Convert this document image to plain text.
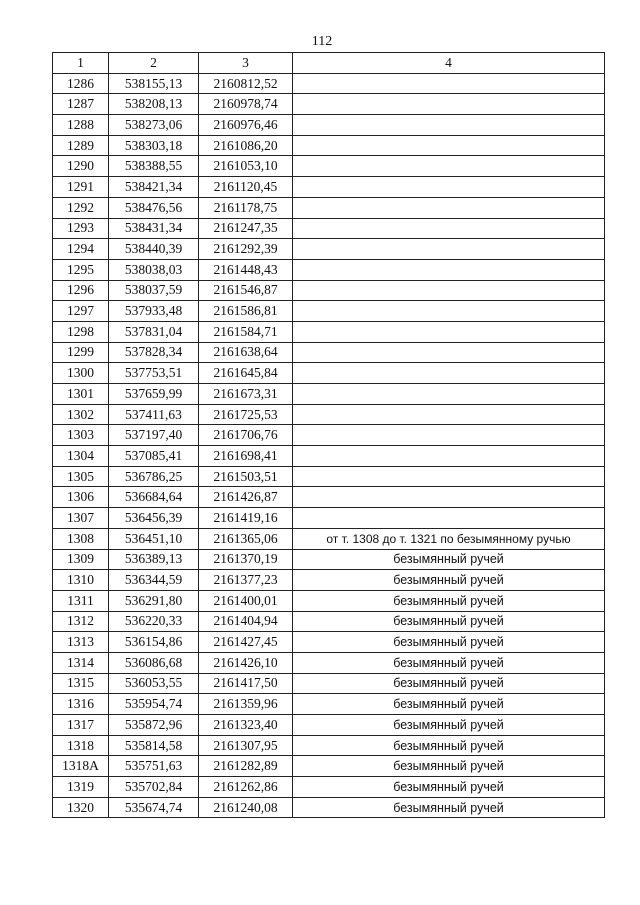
112
1	2	3	4
1286	538155,13	2160812,52	
1287	538208,13	2160978,74	
1288	538273,06	2160976,46	
1289	538303,18	2161086,20	
1290	538388,55	2161053,10	
1291	538421,34	2161120,45	
1292	538476,56	2161178,75	
1293	538431,34	2161247,35	
1294	538440,39	2161292,39	
1295	538038,03	2161448,43	
1296	538037,59	2161546,87	
1297	537933,48	2161586,81	
1298	537831,04	2161584,71	
1299	537828,34	2161638,64	
1300	537753,51	2161645,84	
1301	537659,99	2161673,31	
1302	537411,63	2161725,53	
1303	537197,40	2161706,76	
1304	537085,41	2161698,41	
1305	536786,25	2161503,51	
1306	536684,64	2161426,87	
1307	536456,39	2161419,16	
1308	536451,10	2161365,06	от т. 1308 до т. 1321 по безымянному ручью
1309	536389,13	2161370,19	безымянный ручей
1310	536344,59	2161377,23	безымянный ручей
1311	536291,80	2161400,01	безымянный ручей
1312	536220,33	2161404,94	безымянный ручей
1313	536154,86	2161427,45	безымянный ручей
1314	536086,68	2161426,10	безымянный ручей
1315	536053,55	2161417,50	безымянный ручей
1316	535954,74	2161359,96	безымянный ручей
1317	535872,96	2161323,40	безымянный ручей
1318	535814,58	2161307,95	безымянный ручей
1318А	535751,63	2161282,89	безымянный ручей
1319	535702,84	2161262,86	безымянный ручей
1320	535674,74	2161240,08	безымянный ручей
